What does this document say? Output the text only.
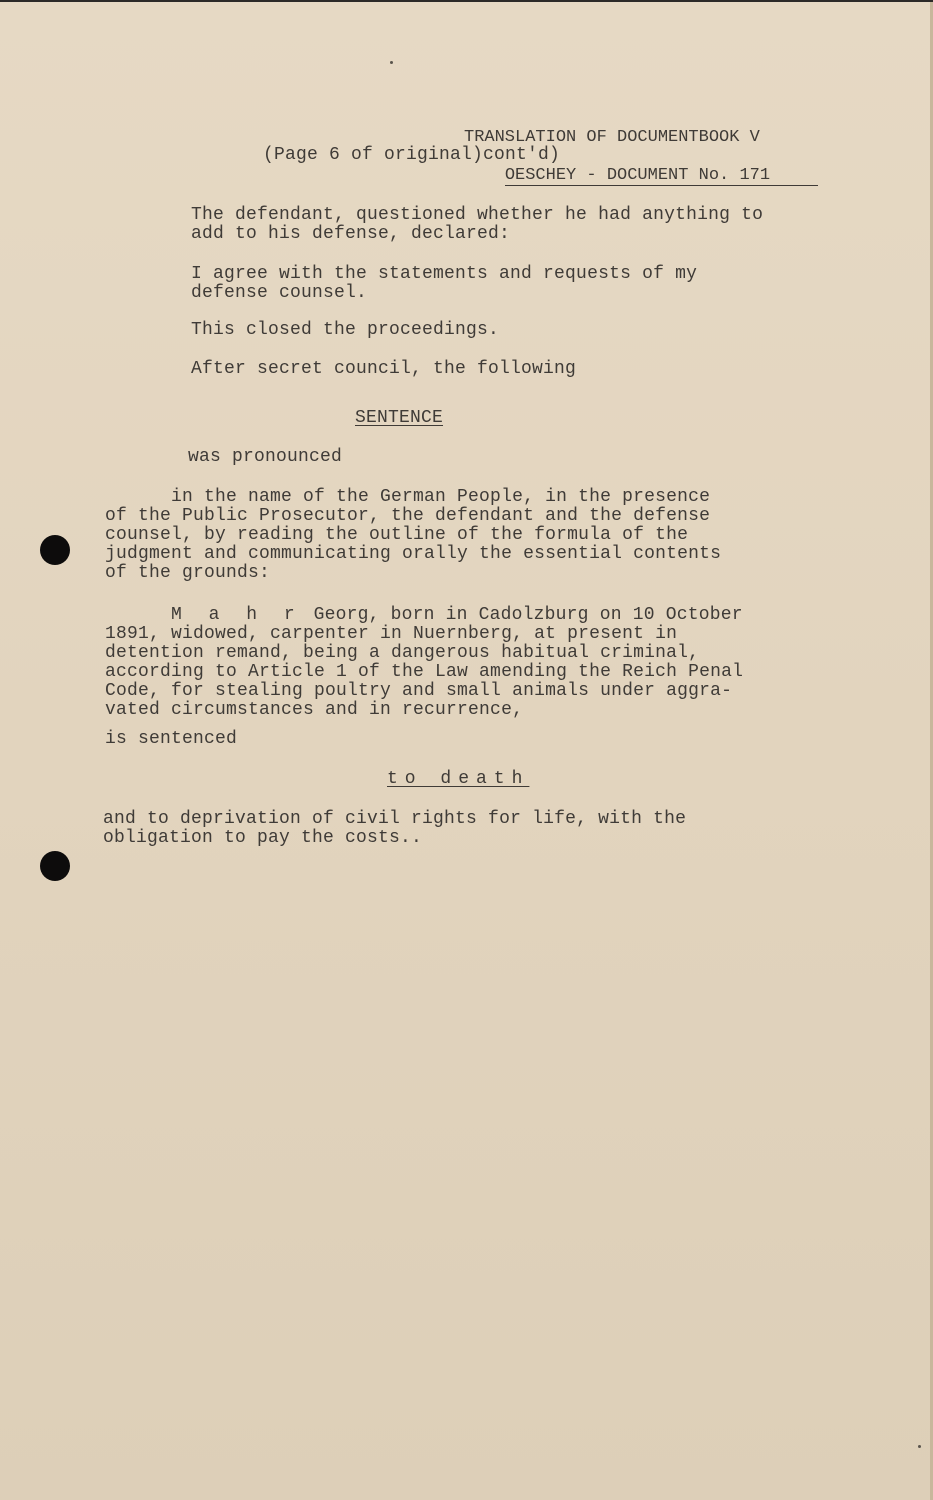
TRANSLATION OF DOCUMENTBOOK V

OESCHEY - DOCUMENT No. 171

(Page 6 of original)cont'd)
The defendant, questioned whether he had anything to
add to his defense, declared:
I agree with the statements and requests of my
defense counsel.
This closed the proceedings.
After secret council, the following
SENTENCE
was pronounced
in the name of the German People, in the presence
of the Public Prosecutor, the defendant and the defense
counsel, by reading the outline of the formula of the
judgment and communicating orally the essential contents
of the grounds:
M a h r Georg, born in Cadolzburg on 10 October
1891, widowed, carpenter in Nuernberg, at present in
detention remand, being a dangerous habitual criminal,
according to Article 1 of the Law amending the Reich Penal
Code, for stealing poultry and small animals under aggra-
vated circumstances and in recurrence,
is sentenced
to death
and to deprivation of civil rights for life, with the
obligation to pay the costs..
